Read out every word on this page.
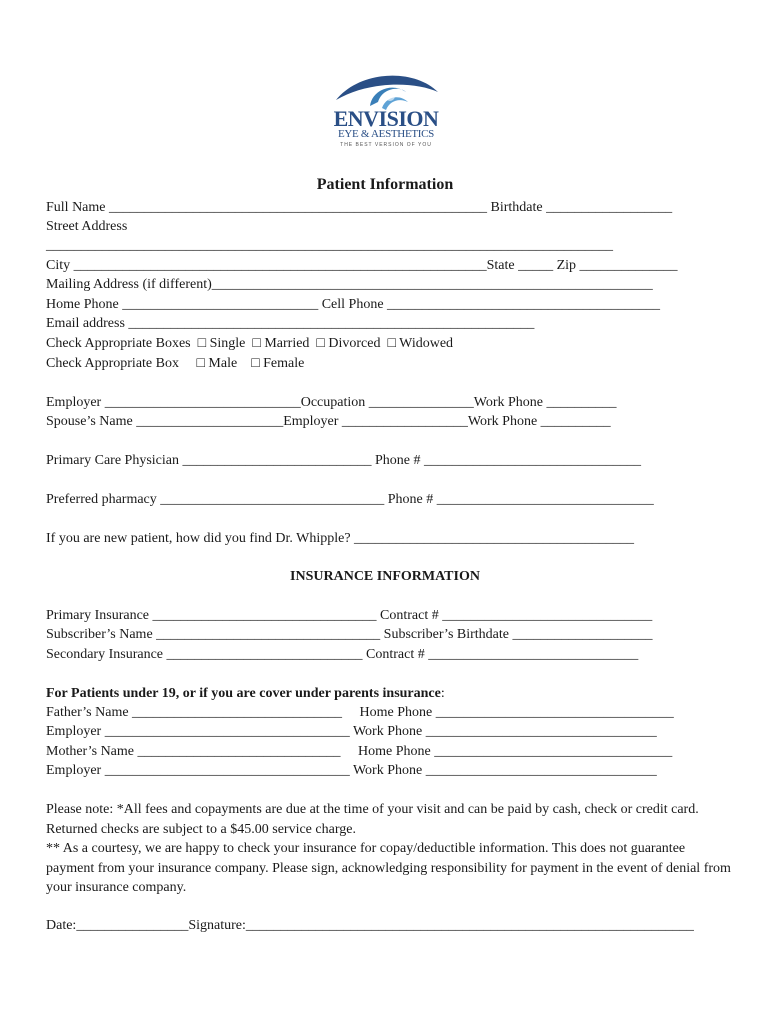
ENVISION
EYE & AESTHETICS
THE BEST VERSION OF YOU
Patient Information
Full Name ______________________________________________________ Birthdate __________________
Street Address
_________________________________________________________________________________
City ___________________________________________________________State _____ Zip ______________
Mailing Address (if different)_______________________________________________________________
Home Phone ____________________________ Cell Phone _______________________________________
Email address __________________________________________________________
Check Appropriate Boxes  □ Single  □ Married  □ Divorced  □ Widowed
Check Appropriate Box     □ Male    □ Female
Employer ____________________________Occupation _______________Work Phone __________
Spouse’s Name _____________________Employer __________________Work Phone __________
Primary Care Physician ___________________________ Phone # _______________________________
Preferred pharmacy ________________________________ Phone # _______________________________
If you are new patient, how did you find Dr. Whipple? ________________________________________
INSURANCE INFORMATION
Primary Insurance ________________________________ Contract # ______________________________
Subscriber’s Name ________________________________ Subscriber’s Birthdate ____________________
Secondary Insurance ____________________________ Contract # ______________________________
For Patients under 19, or if you are cover under parents insurance:
Father’s Name ______________________________     Home Phone __________________________________
Employer ___________________________________ Work Phone _________________________________
Mother’s Name _____________________________     Home Phone __________________________________
Employer ___________________________________ Work Phone _________________________________
Please note: *All fees and copayments are due at the time of your visit and can be paid by cash, check or credit card. Returned checks are subject to a $45.00 service charge.
** As a courtesy, we are happy to check your insurance for copay/deductible information. This does not guarantee payment from your insurance company. Please sign, acknowledging responsibility for payment in the event of denial from your insurance company.
Date:________________Signature:________________________________________________________________
